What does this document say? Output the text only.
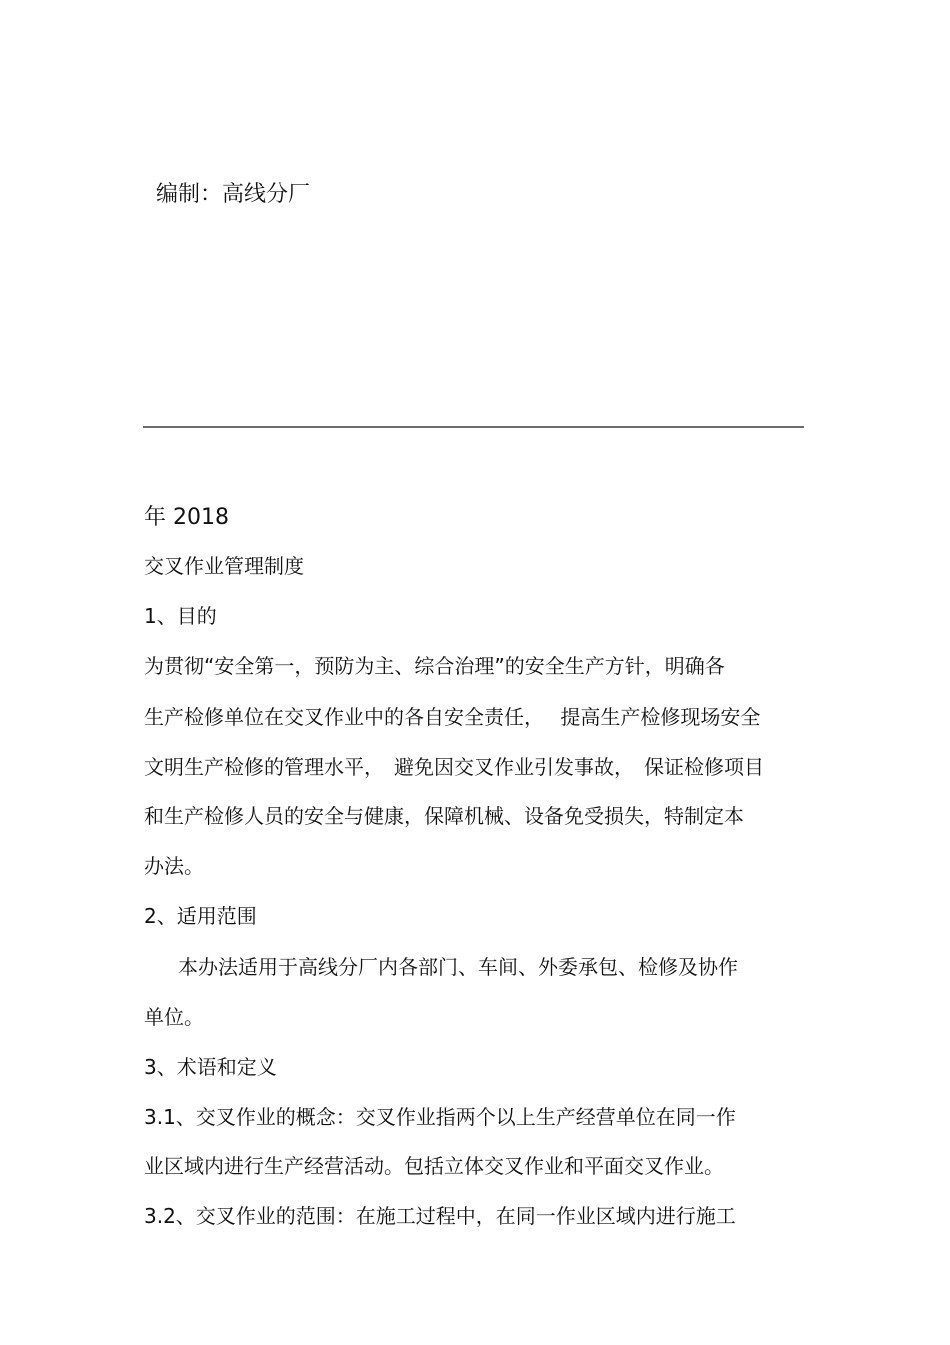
编制：高线分厂

年 2018

交叉作业管理制度

1、目的

为贯彻“安全第一，预防为主、综合治理”的安全生产方针，明确各

生产检修单位在交叉作业中的各自安全责任，　 提高生产检修现场安全

文明生产检修的管理水平，　避免因交叉作业引发事故，　保证检修项目

和生产检修人员的安全与健康，保障机械、设备免受损失，特制定本

办法。

2、适用范围

本办法适用于高线分厂内各部门、车间、外委承包、检修及协作

单位。

3、术语和定义

3.1、交叉作业的概念：交叉作业指两个以上生产经营单位在同一作

业区域内进行生产经营活动。包括立体交叉作业和平面交叉作业。

3.2、交叉作业的范围：在施工过程中，在同一作业区域内进行施工
